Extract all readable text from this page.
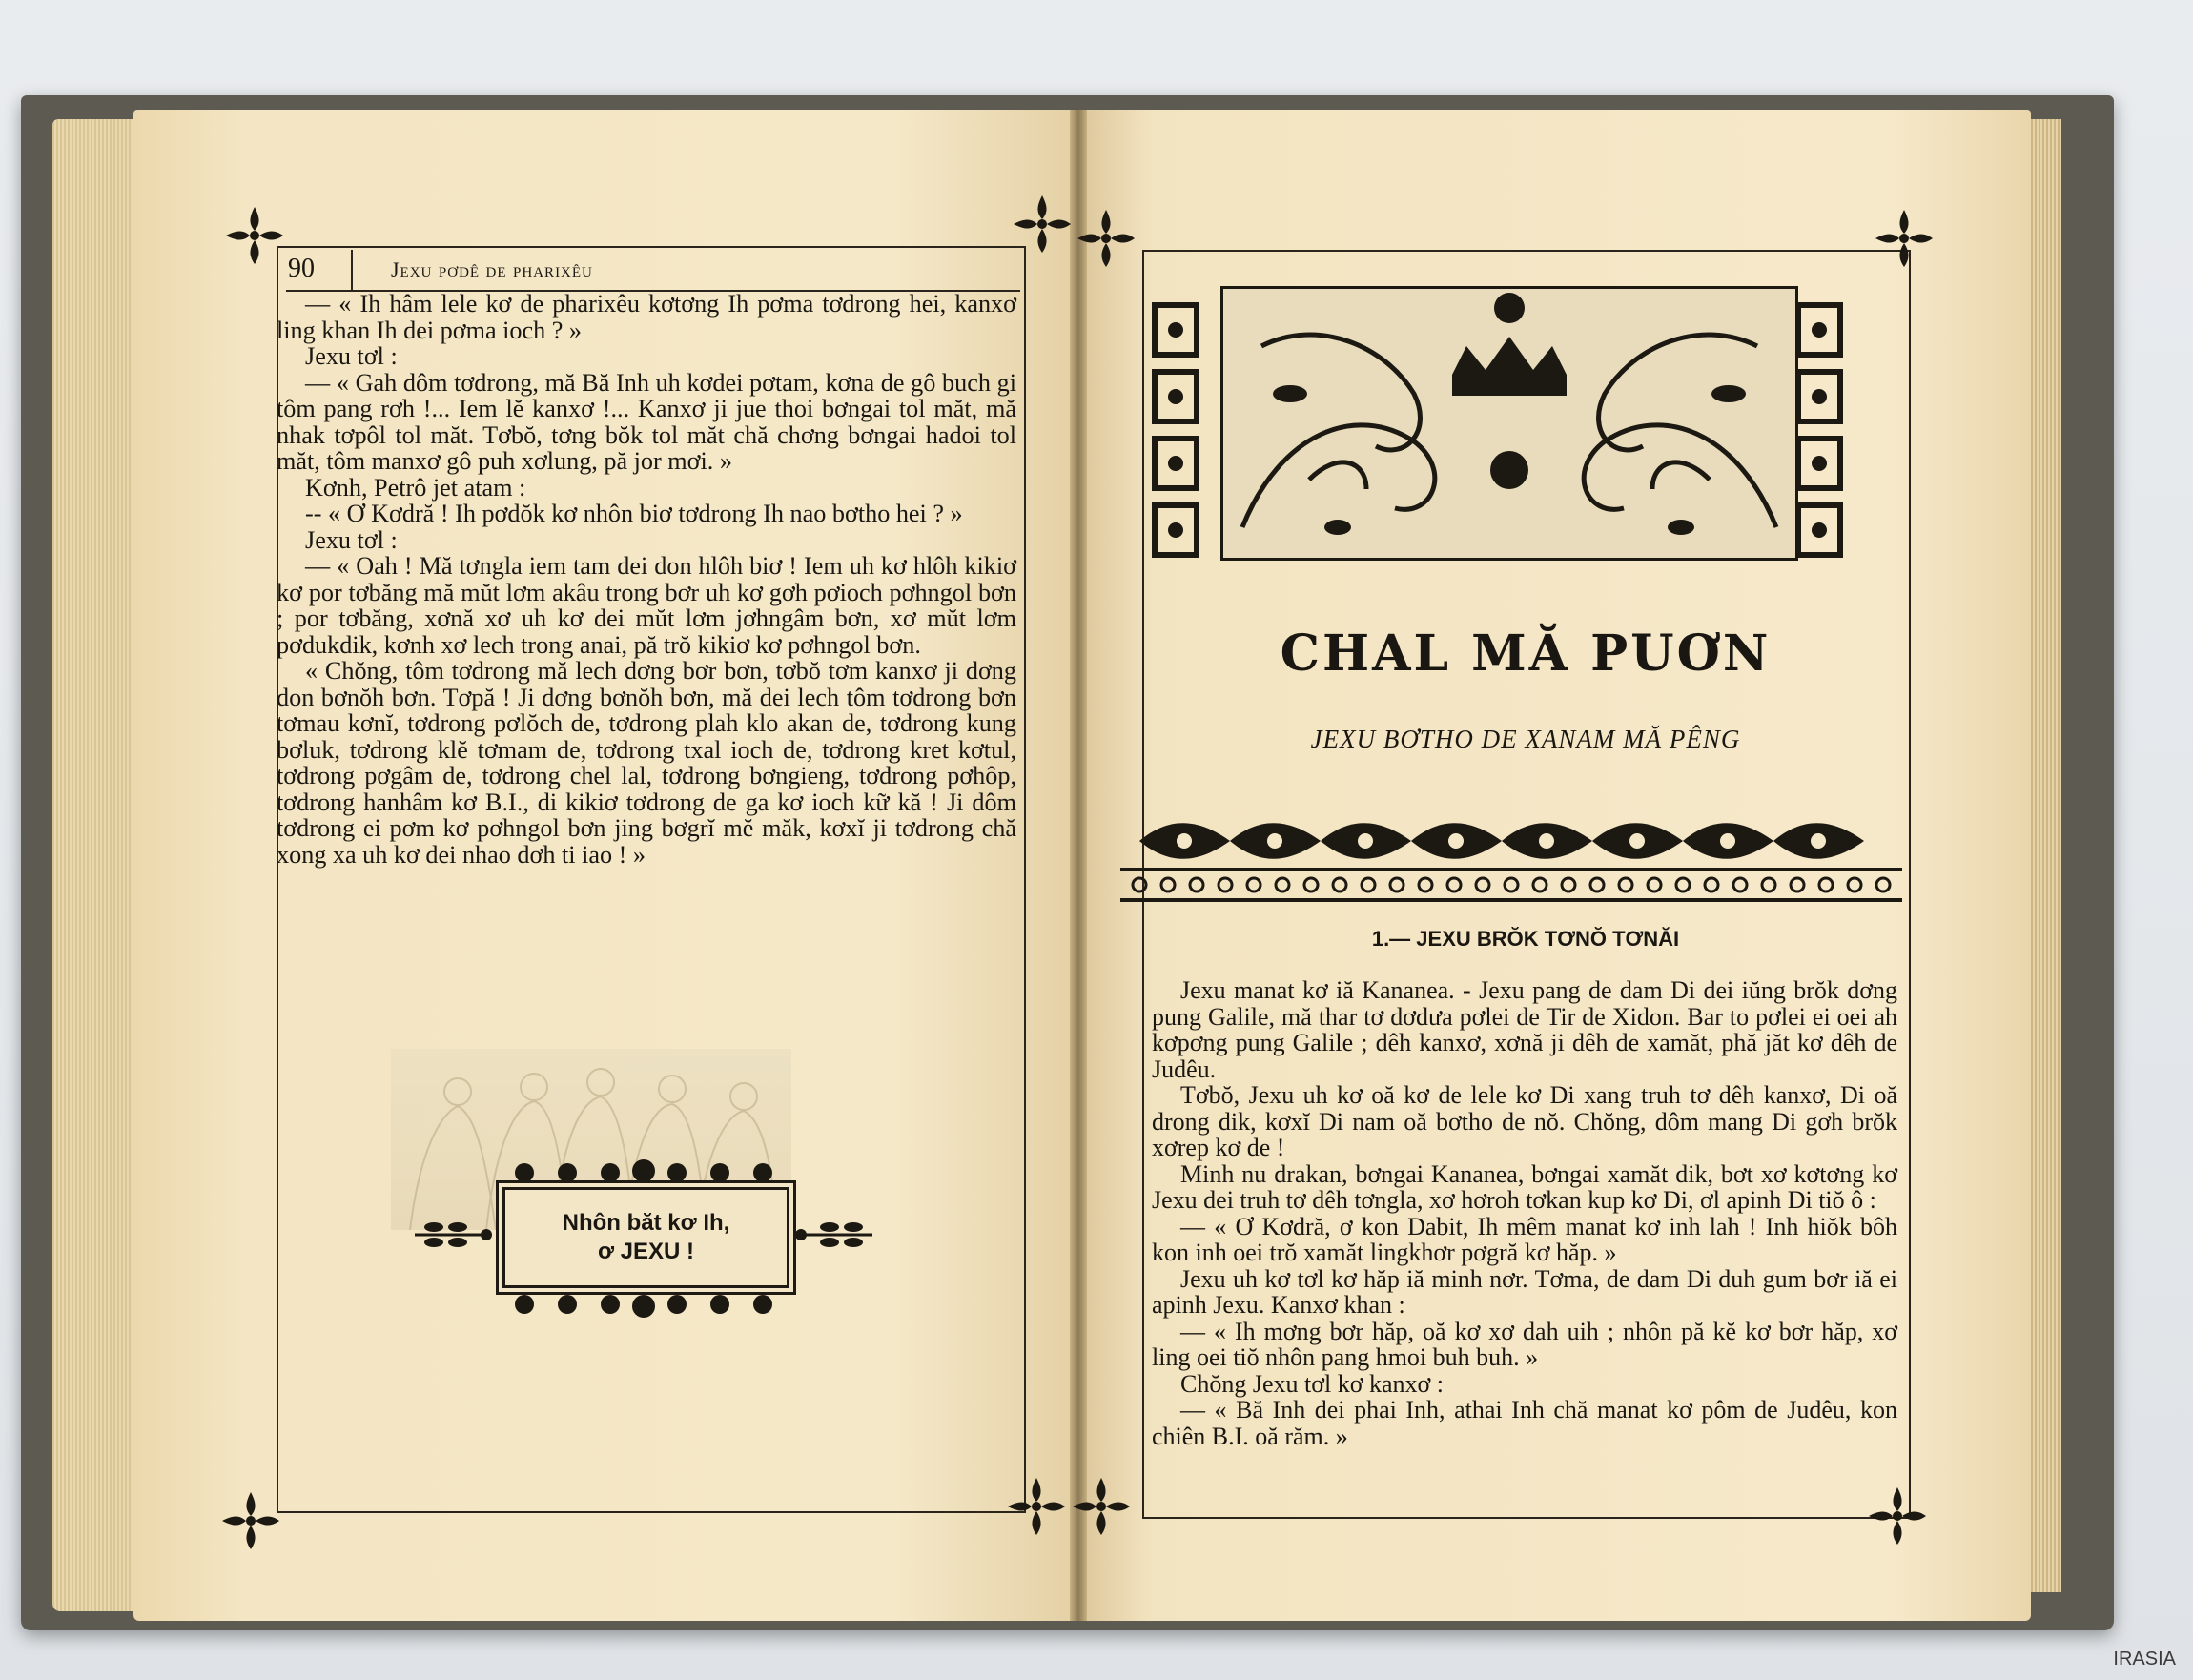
90	Jexu pơdê de pharixêu

— « Ih hâm lele kơ de pharixêu kơtơng Ih pơma tơdrong hei, kanxơ ling khan Ih dei pơma ioch ? »

Jexu tơl :

— « Gah dôm tơdrong, mă Bă Inh uh kơdei pơtam, kơna de gô buch gi tôm pang rơh !... Iem lĕ kanxơ !... Kanxơ ji jue thoi bơngai tol măt, mă nhak tơpôl tol măt. Tơbŏ, tơng bŏk tol măt chă chơng bơngai hadoi tol măt, tôm manxơ gô puh xơlung, pă jor mơi. »

Kơnh, Petrô jet atam :

-- « Ơ Kơdră ! Ih pơdŏk kơ nhôn biơ tơdrong Ih nao bơtho hei ? »

Jexu tơl :

— « Oah ! Mă tơngla iem tam dei don hlôh biơ ! Iem uh kơ hlôh kikiơ kơ por tơbăng mă mŭt lơm akâu trong bơr uh kơ gơh pơioch pơhngol bơn ; por tơbăng, xơnă xơ uh kơ dei mŭt lơm jơhngâm bơn, xơ mŭt lơm pơdukdik, kơnh xơ lech trong anai, pă trŏ kikiơ kơ pơhngol bơn.

« Chŏng, tôm tơdrong mă lech dơng bơr bơn, tơbŏ tơm kanxơ ji dơng don bơnŏh bơn. Tơpă ! Ji dơng bơnŏh bơn, mă dei lech tôm tơdrong bơn tơmau kơnĭ, tơdrong pơlŏch de, tơdrong plah klo akan de, tơdrong kung bơluk, tơdrong klĕ tơmam de, tơdrong txal ioch de, tơdrong kret kơtul, tơdrong pơgâm de, tơdrong chel lal, tơdrong bơngieng, tơdrong pơhôp, tơdrong hanhâm kơ B.I., di kikiơ tơdrong de ga kơ ioch kữ kă ! Ji dôm tơdrong ei pơm kơ pơhngol bơn jing bơgrĭ mĕ măk, kơxĭ ji tơdrong chă xong xa uh kơ dei nhao dơh ti iao ! »

Nhôn băt kơ Ih,
ơ JEXU !
CHAL MĂ PUƠN
JEXU BƠTHO DE XANAM MĂ PÊNG
1.— JEXU BRŎK TƠNŎ TƠNĂI

Jexu manat kơ iă Kananea. - Jexu pang de dam Di dei iŭng brŏk dơng pung Galile, mă thar tơ dơdưa pơlei de Tir de Xidon. Bar to pơlei ei oei ah kơpơng pung Galile ; dêh kanxơ, xơnă ji dêh de xamăt, phă jăt kơ dêh de Judêu.

Tơbŏ, Jexu uh kơ oă kơ de lele kơ Di xang truh tơ dêh kanxơ, Di oă drong dik, kơxĭ Di nam oă bơtho de nŏ. Chŏng, dôm mang Di gơh brŏk xơrep kơ de !

Minh nu drakan, bơngai Kananea, bơngai xamăt dik, bơt xơ kơtơng kơ Jexu dei truh tơ dêh tơngla, xơ hơroh tơkan kup kơ Di, ơl apinh Di tiŏ ô :

— « Ơ Kơdră, ơ kon Dabit, Ih mêm manat kơ inh lah ! Inh hiŏk bôh kon inh oei trŏ xamăt lingkhơr pơgră kơ hăp. »

Jexu uh kơ tơl kơ hăp iă minh nơr. Tơma, de dam Di duh gum bơr iă ei apinh Jexu. Kanxơ khan :

— « Ih mơng bơr hăp, oă kơ xơ dah uih ; nhôn pă kĕ kơ bơr hăp, xơ ling oei tiŏ nhôn pang hmoi buh buh. »

Chŏng Jexu tơl kơ kanxơ :

— « Bă Inh dei phai Inh, athai Inh chă manat kơ pôm de Judêu, kon chiên B.I. oă răm. »

IRASIA
